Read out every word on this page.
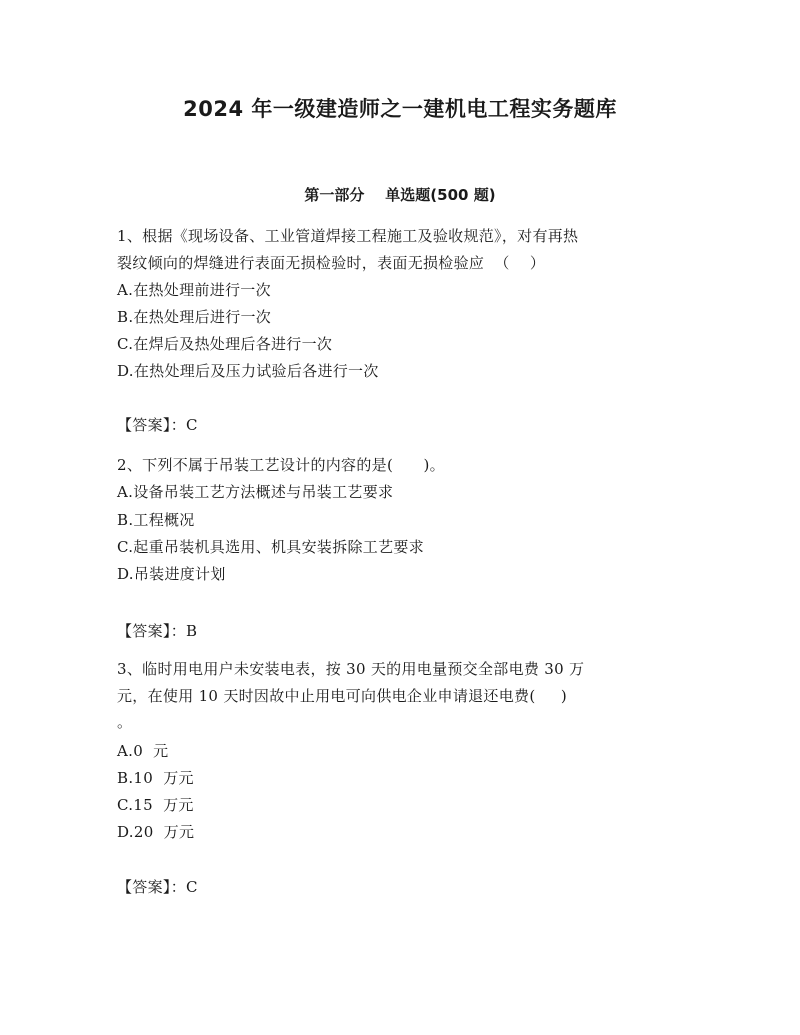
2024 年一级建造师之一建机电工程实务题库
第一部分    单选题(500 题)
1、根据《现场设备、工业管道焊接工程施工及验收规范》，对有再热
裂纹倾向的焊缝进行表面无损检验时，表面无损检验应  （    ）
A.在热处理前进行一次
B.在热处理后进行一次
C.在焊后及热处理后各进行一次
D.在热处理后及压力试验后各进行一次
【答案】：C
2、下列不属于吊装工艺设计的内容的是(      )。
A.设备吊装工艺方法概述与吊装工艺要求
B.工程概况
C.起重吊装机具选用、机具安装拆除工艺要求
D.吊装进度计划
【答案】：B
3、临时用电用户未安装电表，按 30 天的用电量预交全部电费 30 万
元，在使用 10 天时因故中止用电可向供电企业申请退还电费(     )
。
A.0  元
B.10  万元
C.15  万元
D.20  万元
【答案】：C
